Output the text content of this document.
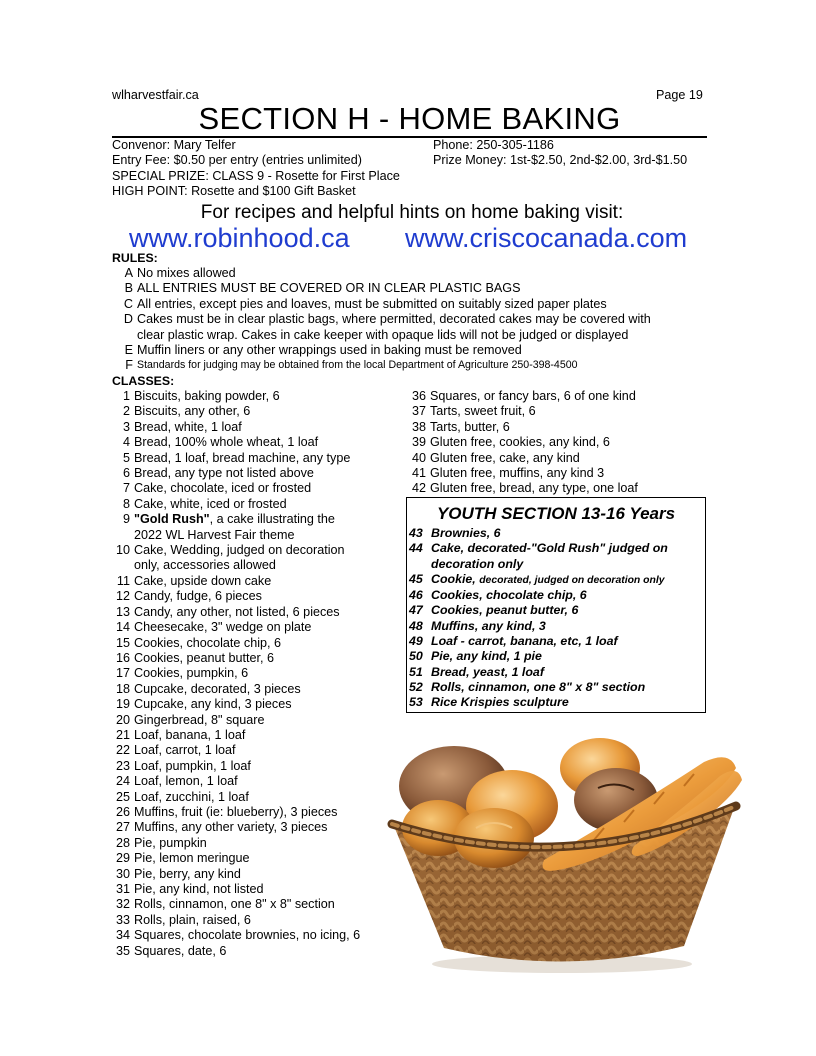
wlharvestfair.ca	Page 19
SECTION H - HOME BAKING
Convenor: Mary Telfer
Entry Fee: $0.50 per entry (entries unlimited)
SPECIAL PRIZE: CLASS 9 - Rosette for First Place
HIGH POINT: Rosette and $100 Gift Basket
Phone: 250-305-1186
Prize Money: 1st-$2.50, 2nd-$2.00, 3rd-$1.50
For recipes and helpful hints on home baking visit:
www.robinhood.ca www.criscocanada.com
RULES:
A No mixes allowed
B ALL ENTRIES MUST BE COVERED OR IN CLEAR PLASTIC BAGS
C All entries, except pies and loaves, must be submitted on suitably sized paper plates
D Cakes must be in clear plastic bags, where permitted, decorated cakes may be covered with
clear plastic wrap. Cakes in cake keeper with opaque lids will not be judged or displayed
E Muffin liners or any other wrappings used in baking must be removed
F Standards for judging may be obtained from the local Department of Agriculture 250-398-4500
CLASSES:
1 Biscuits, baking powder, 6
2 Biscuits, any other, 6
3 Bread, white, 1 loaf
4 Bread, 100% whole wheat, 1 loaf
5 Bread, 1 loaf, bread machine, any type
6 Bread, any type not listed above
7 Cake, chocolate, iced or frosted
8 Cake, white, iced or frosted
9 "Gold Rush", a cake illustrating the
2022 WL Harvest Fair theme
10 Cake, Wedding, judged on decoration
only, accessories allowed
11 Cake, upside down cake
12 Candy, fudge, 6 pieces
13 Candy, any other, not listed, 6 pieces
14 Cheesecake, 3" wedge on plate
15 Cookies, chocolate chip, 6
16 Cookies, peanut butter, 6
17 Cookies, pumpkin, 6
18 Cupcake, decorated, 3 pieces
19 Cupcake, any kind, 3 pieces
20 Gingerbread, 8" square
21 Loaf, banana, 1 loaf
22 Loaf, carrot, 1 loaf
23 Loaf, pumpkin, 1 loaf
24 Loaf, lemon, 1 loaf
25 Loaf, zucchini, 1 loaf
26 Muffins, fruit (ie: blueberry), 3 pieces
27 Muffins, any other variety, 3 pieces
28 Pie, pumpkin
29 Pie, lemon meringue
30 Pie, berry, any kind
31 Pie, any kind, not listed
32 Rolls, cinnamon, one 8" x 8" section
33 Rolls, plain, raised, 6
34 Squares, chocolate brownies, no icing, 6
35 Squares, date, 6
36 Squares, or fancy bars, 6 of one kind
37 Tarts, sweet fruit, 6
38 Tarts, butter, 6
39 Gluten free, cookies, any kind, 6
40 Gluten free, cake, any kind
41 Gluten free, muffins, any kind 3
42 Gluten free, bread, any type, one loaf
YOUTH SECTION 13-16 Years
43 Brownies, 6
44 Cake, decorated-"Gold Rush" judged on
decoration only
45 Cookie, decorated, judged on decoration only
46 Cookies, chocolate chip, 6
47 Cookies, peanut butter, 6
48 Muffins, any kind, 3
49 Loaf - carrot, banana, etc, 1 loaf
50 Pie, any kind, 1 pie
51 Bread, yeast, 1 loaf
52 Rolls, cinnamon, one 8" x 8" section
53 Rice Krispies sculpture
